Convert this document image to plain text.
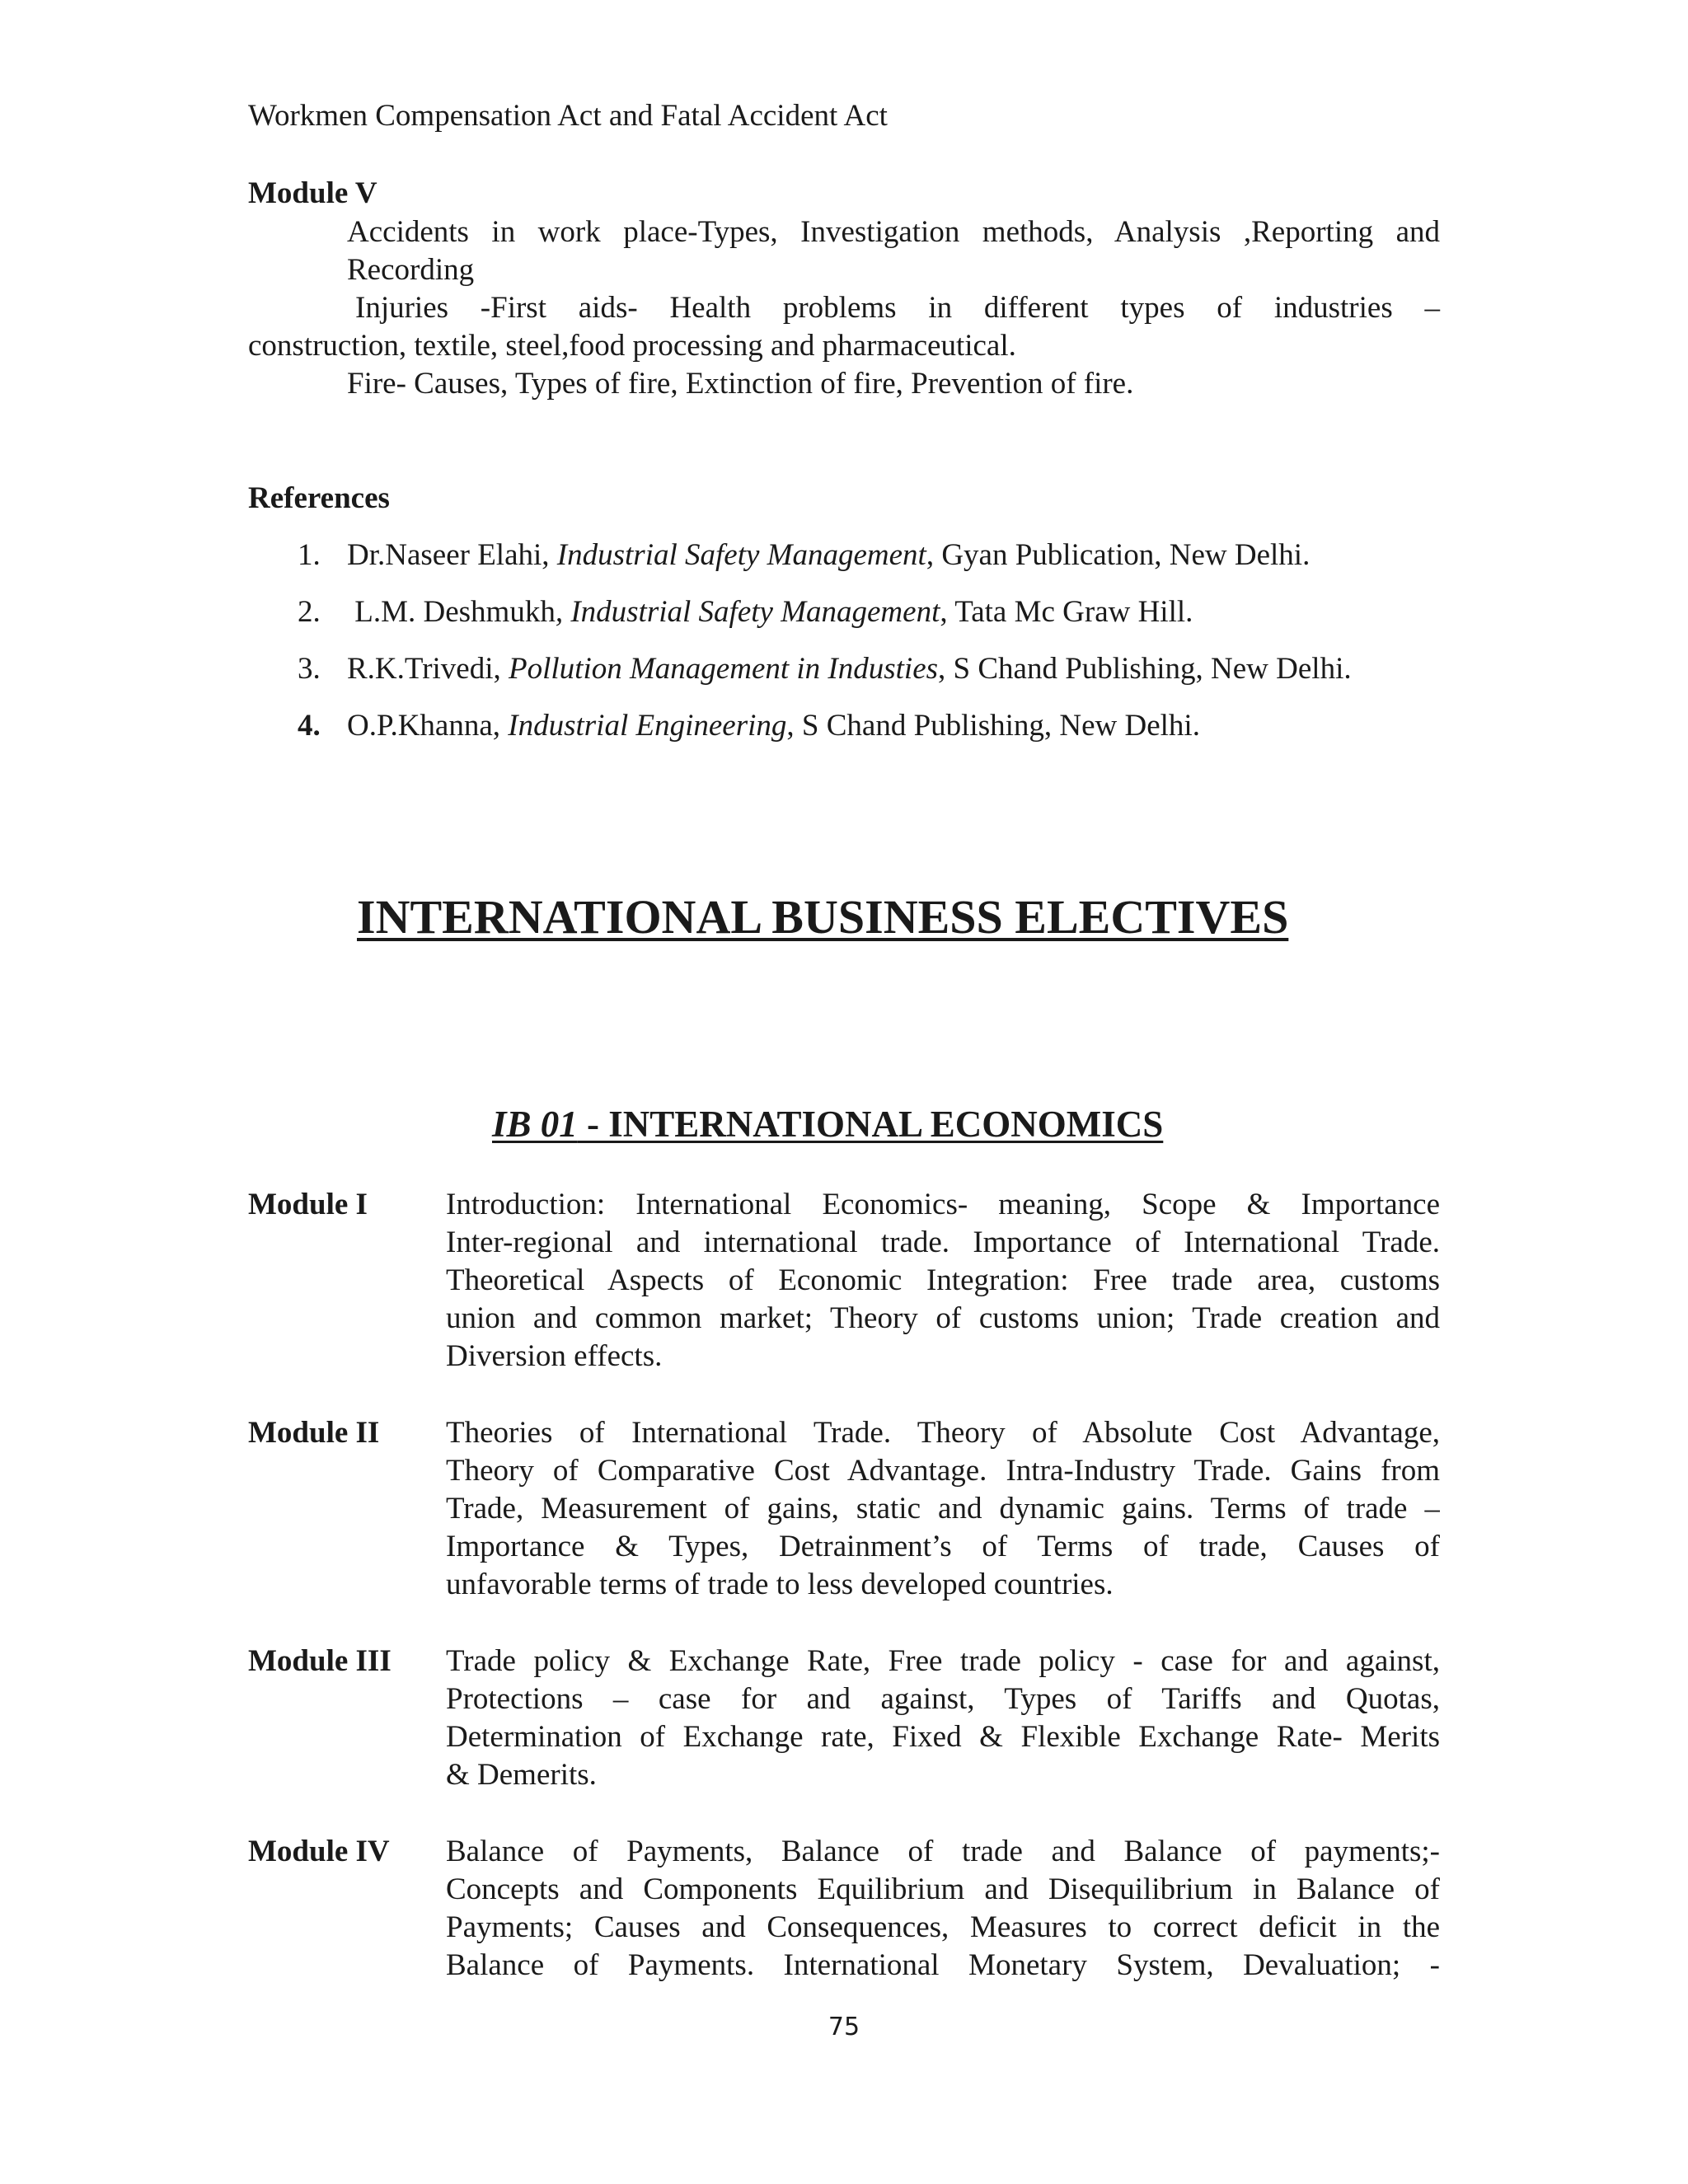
Workmen Compensation Act and Fatal Accident Act
Module V
Accidents in work place-Types, Investigation methods, Analysis ,Reporting and
Recording
Injuries -First aids- Health problems in different types of industries –
construction, textile, steel,food processing and pharmaceutical.
Fire- Causes, Types of fire, Extinction of fire, Prevention of fire.
References
1. Dr.Naseer Elahi, Industrial Safety Management, Gyan Publication, New Delhi.
2. L.M. Deshmukh, Industrial Safety Management, Tata Mc Graw Hill.
3. R.K.Trivedi, Pollution Management in Industies, S Chand Publishing, New Delhi.
4. O.P.Khanna, Industrial Engineering, S Chand Publishing, New Delhi.
INTERNATIONAL BUSINESS ELECTIVES
IB 01 - INTERNATIONAL ECONOMICS
Module I	Introduction: International Economics- meaning, Scope & Importance
Inter-regional and international trade. Importance of International Trade.
Theoretical Aspects of Economic Integration: Free trade area, customs
union and common market; Theory of customs union; Trade creation and
Diversion effects.
Module II Theories of International Trade. Theory of Absolute Cost Advantage,
Theory of Comparative Cost Advantage. Intra-Industry Trade. Gains from
Trade, Measurement of gains, static and dynamic gains. Terms of trade –
Importance & Types, Detrainment’s of Terms of trade, Causes of
unfavorable terms of trade to less developed countries.
Module III Trade policy & Exchange Rate, Free trade policy - case for and against,
Protections – case for and against, Types of Tariffs and Quotas,
Determination of Exchange rate, Fixed & Flexible Exchange Rate- Merits
& Demerits.
Module IV Balance of Payments, Balance of trade and Balance of payments;-
Concepts and Components Equilibrium and Disequilibrium in Balance of
Payments; Causes and Consequences, Measures to correct deficit in the
Balance of Payments. International Monetary System, Devaluation; -
75
